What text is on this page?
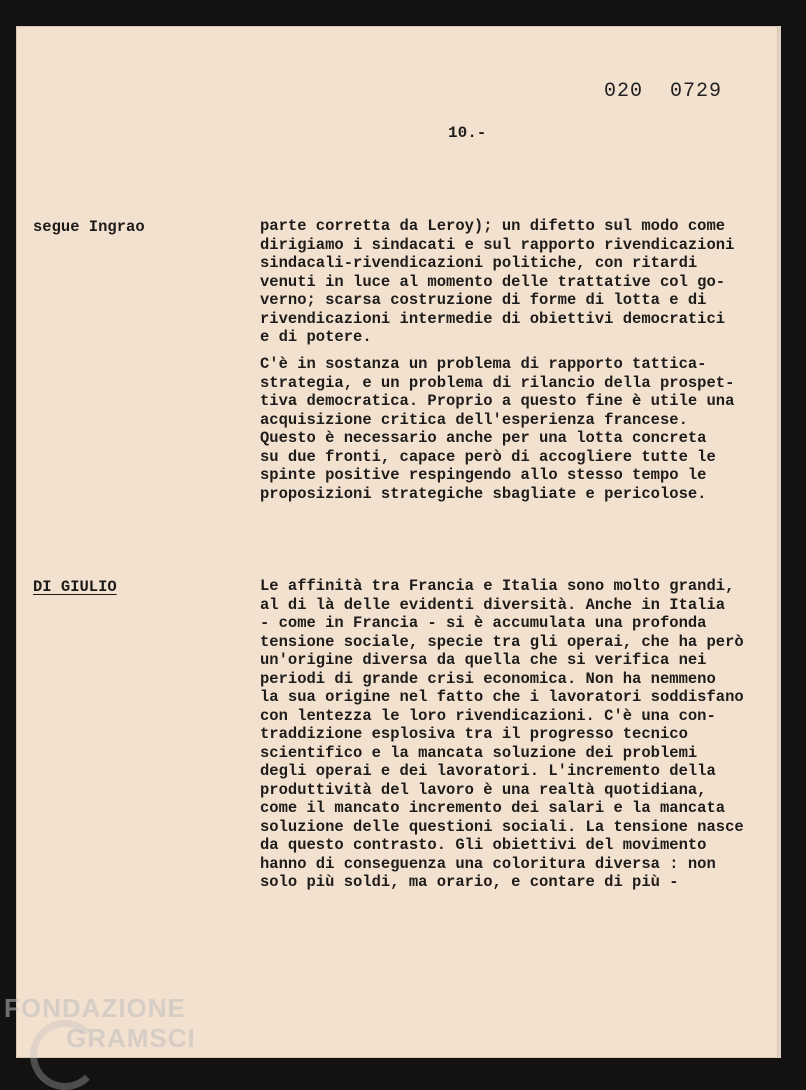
020 0729
10.-
segue Ingrao	parte corretta da Leroy); un difetto sul modo come
dirigiamo i sindacati e sul rapporto rivendicazioni
sindacali-rivendicazioni politiche, con ritardi
venuti in luce al momento delle trattative col go-
verno; scarsa costruzione di forme di lotta e di
rivendicazioni intermedie di obiettivi democratici
e di potere.
C'è in sostanza un problema di rapporto tattica-
strategia, e un problema di rilancio della prospet-
tiva democratica. Proprio a questo fine è utile una
acquisizione critica dell'esperienza francese.
Questo è necessario anche per una lotta concreta
su due fronti, capace però di accogliere tutte le
spinte positive respingendo allo stesso tempo le
proposizioni strategiche sbagliate e pericolose.
DI GIULIO	Le affinità tra Francia e Italia sono molto grandi,
al di là delle evidenti diversità. Anche in Italia
- come in Francia - si è accumulata una profonda
tensione sociale, specie tra gli operai, che ha però
un'origine diversa da quella che si verifica nei
periodi di grande crisi economica. Non ha nemmeno
la sua origine nel fatto che i lavoratori soddisfano
con lentezza le loro rivendicazioni. C'è una con-
traddizione esplosiva tra il progresso tecnico
scientifico e la mancata soluzione dei problemi
degli operai e dei lavoratori. L'incremento della
produttività del lavoro è una realtà quotidiana,
come il mancato incremento dei salari e la mancata
soluzione delle questioni sociali. La tensione nasce
da questo contrasto. Gli obiettivi del movimento
hanno di conseguenza una coloritura diversa : non
solo più soldi, ma orario, e contare di più -
FONDAZIONE
GRAMSCI
